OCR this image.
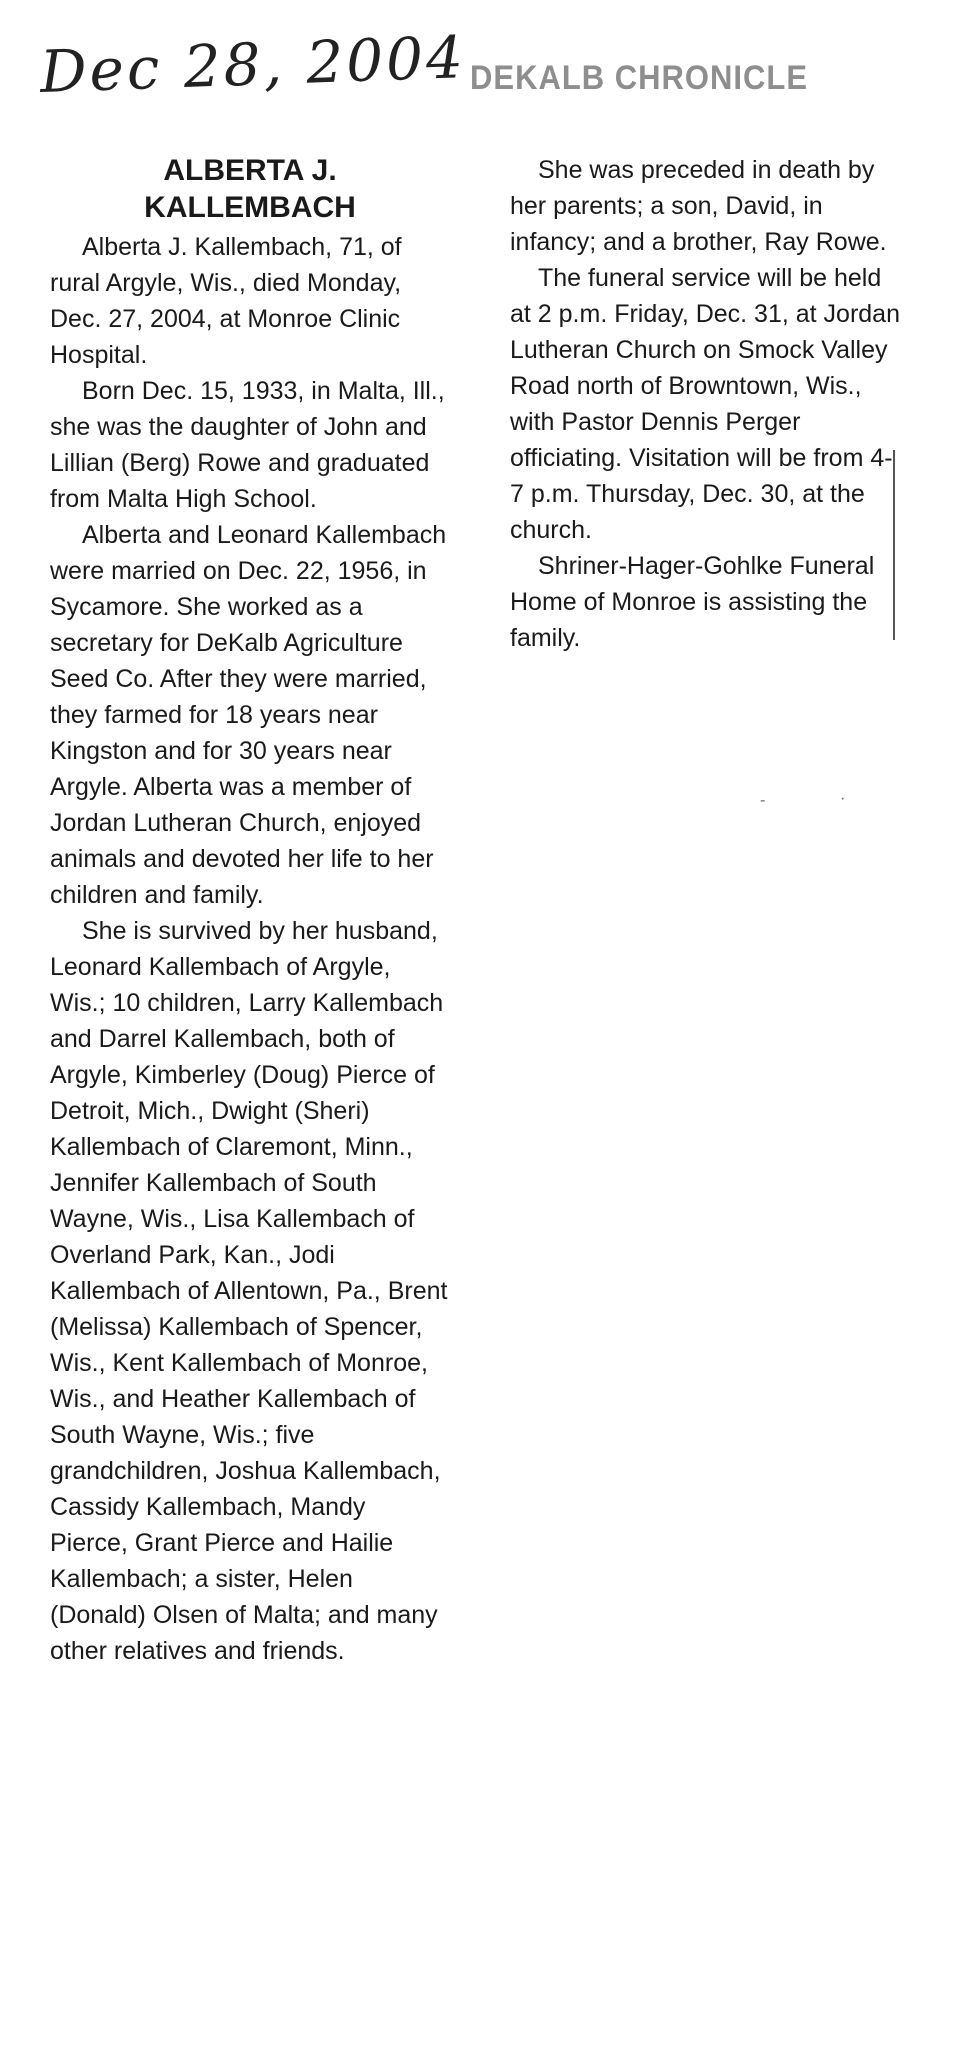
Dec 28, 2004 DEKALB CHRONICLE
ALBERTA J.
KALLEMBACH

Alberta J. Kallembach, 71, of rural Argyle, Wis., died Monday, Dec. 27, 2004, at Monroe Clinic Hospital.

Born Dec. 15, 1933, in Malta, Ill., she was the daughter of John and Lillian (Berg) Rowe and graduated from Malta High School.

Alberta and Leonard Kallembach were married on Dec. 22, 1956, in Sycamore. She worked as a secretary for DeKalb Agriculture Seed Co. After they were married, they farmed for 18 years near Kingston and for 30 years near Argyle. Alberta was a member of Jordan Lutheran Church, enjoyed animals and devoted her life to her children and family.

She is survived by her husband, Leonard Kallembach of Argyle, Wis.; 10 children, Larry Kallembach and Darrel Kallembach, both of Argyle, Kimberley (Doug) Pierce of Detroit, Mich., Dwight (Sheri) Kallembach of Claremont, Minn., Jennifer Kallembach of South Wayne, Wis., Lisa Kallembach of Overland Park, Kan., Jodi Kallembach of Allentown, Pa., Brent (Melissa) Kallembach of Spencer, Wis., Kent Kallembach of Monroe, Wis., and Heather Kallembach of South Wayne, Wis.; five grandchildren, Joshua Kallembach, Cassidy Kallembach, Mandy Pierce, Grant Pierce and Hailie Kallembach; a sister, Helen (Donald) Olsen of Malta; and many other relatives and friends.

She was preceded in death by her parents; a son, David, in infancy; and a brother, Ray Rowe.

The funeral service will be held at 2 p.m. Friday, Dec. 31, at Jordan Lutheran Church on Smock Valley Road north of Browntown, Wis., with Pastor Dennis Perger officiating. Visitation will be from 4-7 p.m. Thursday, Dec. 30, at the church.

Shriner-Hager-Gohlke Funeral Home of Monroe is assisting the family.

-	·
